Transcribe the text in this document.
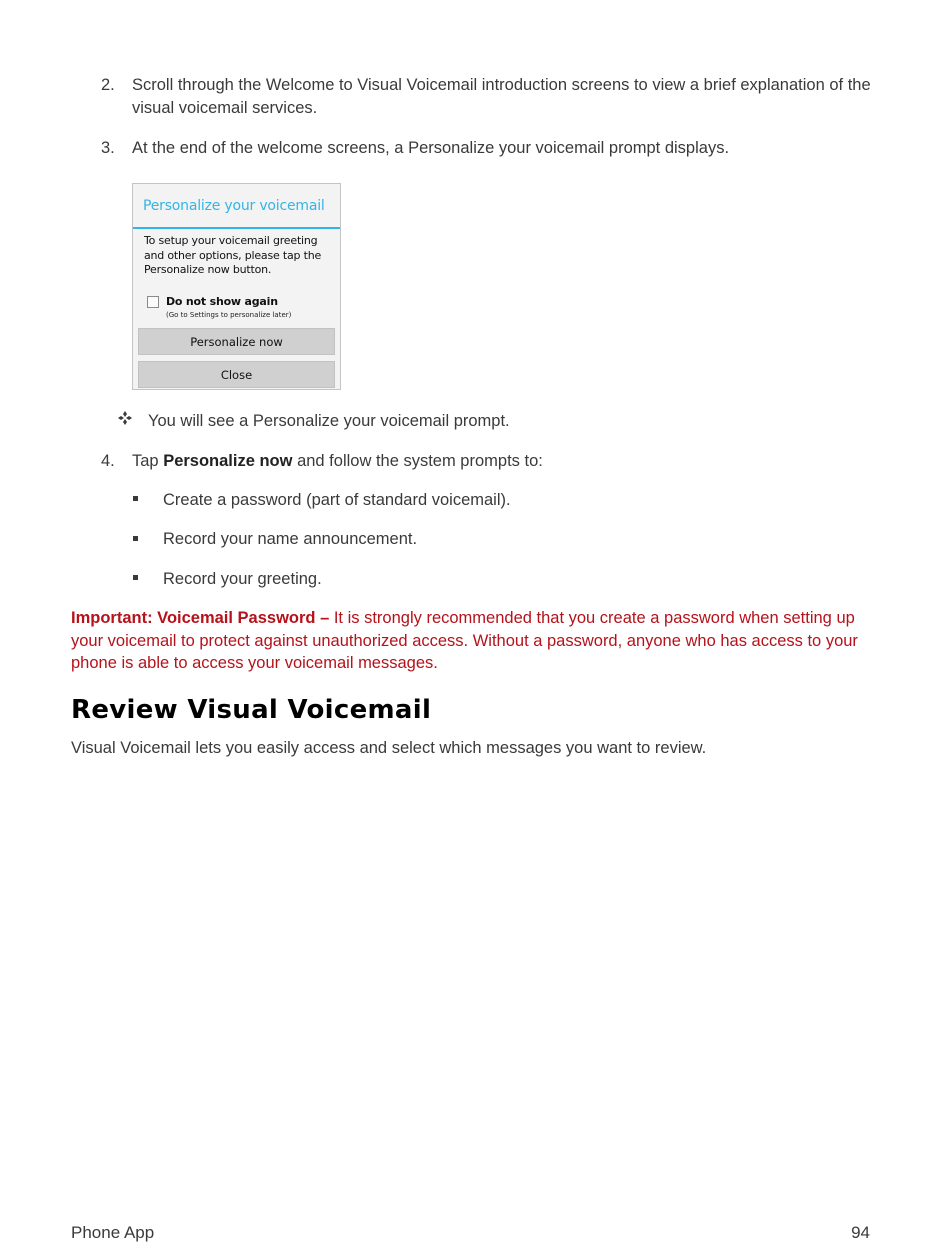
2. Scroll through the Welcome to Visual Voicemail introduction screens to view a brief explanation of the visual voicemail services.
3. At the end of the welcome screens, a Personalize your voicemail prompt displays.
Personalize your voicemail
To setup your voicemail greeting and other options, please tap the Personalize now button.
Do not show again
(Go to Settings to personalize later)
Personalize now
Close
You will see a Personalize your voicemail prompt.
4. Tap Personalize now and follow the system prompts to:
Create a password (part of standard voicemail).
Record your name announcement.
Record your greeting.
Important: Voicemail Password – It is strongly recommended that you create a password when setting up your voicemail to protect against unauthorized access. Without a password, anyone who has access to your phone is able to access your voicemail messages.
Review Visual Voicemail
Visual Voicemail lets you easily access and select which messages you want to review.
Phone App	94
